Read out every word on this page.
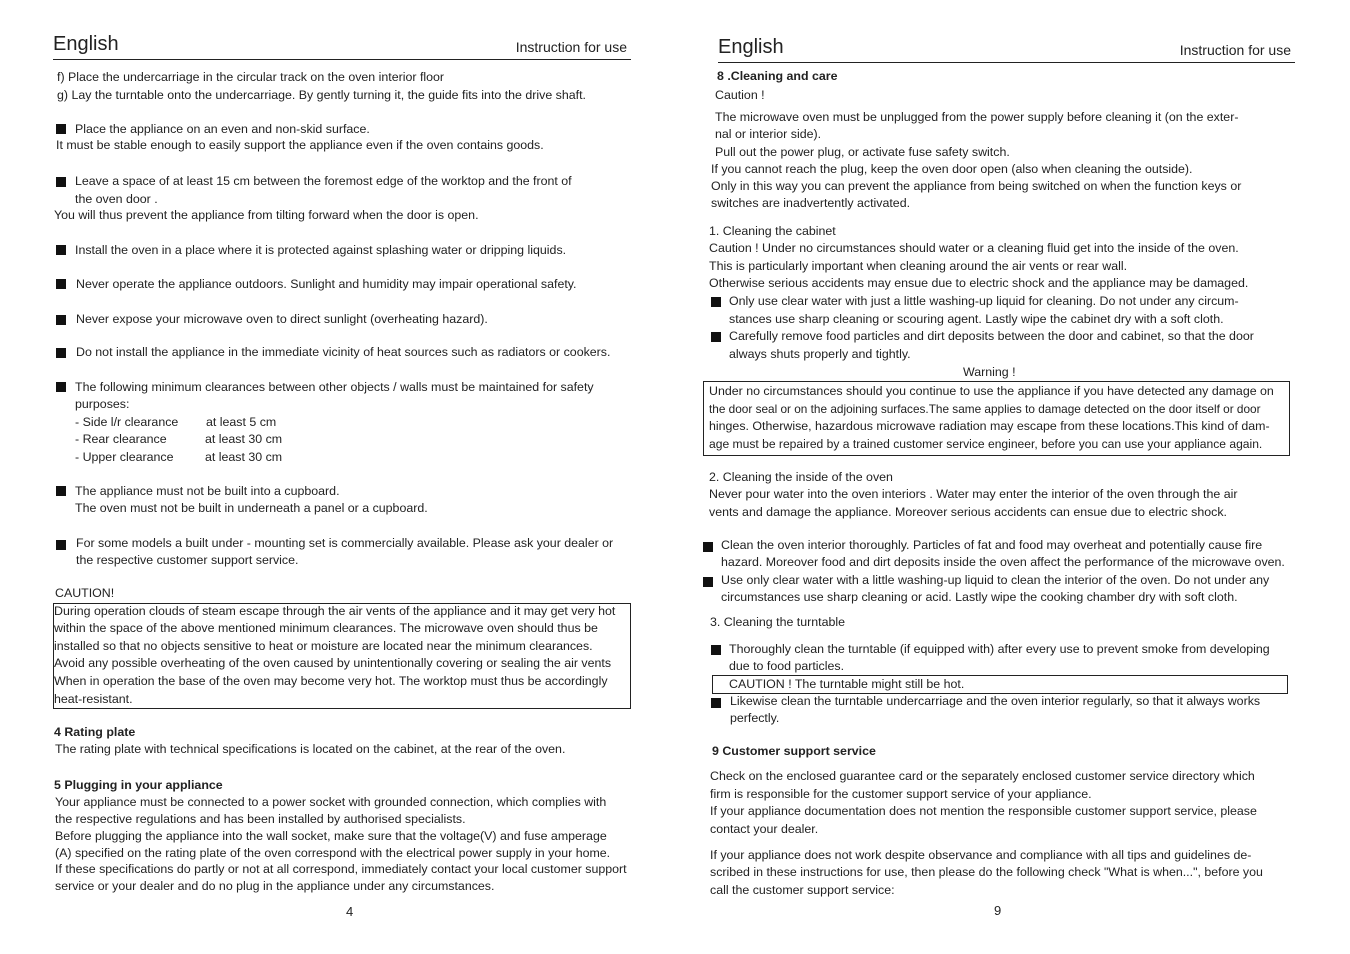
English	Instruction for use
f) Place the undercarriage in the circular track on the oven interior floor
g) Lay the turntable onto the undercarriage. By gently turning it, the guide fits into the drive shaft.
Place the appliance on an even and non-skid surface.
It must be stable enough to easily support the appliance even if the oven contains goods.
Leave a space of at least 15 cm between the foremost edge of the worktop and the front of
the oven door .
You will thus prevent the appliance from tilting forward when the door is open.
Install the oven in a place where it is protected against splashing water or dripping liquids.
Never operate the appliance outdoors. Sunlight and humidity may impair operational safety.
Never expose your microwave oven to direct sunlight (overheating hazard).
Do not install the appliance in the immediate vicinity of heat sources such as radiators or cookers.
The following minimum clearances between other objects / walls must be maintained for safety
purposes:
- Side l/r clearance at least 5 cm
- Rear clearance	at least 30 cm
- Upper clearance	at least 30 cm
The appliance must not be built into a cupboard.
The oven must not be built in underneath a panel or a cupboard.
For some models a built under - mounting set is commercially available. Please ask your dealer or
the respective customer support service.
CAUTION!
During operation clouds of steam escape through the air vents of the appliance and it may get very hot
within the space of the above mentioned minimum clearances. The microwave oven should thus be
installed so that no objects sensitive to heat or moisture are located near the minimum clearances.
Avoid any possible overheating of the oven caused by unintentionally covering or sealing the air vents
When in operation the base of the oven may become very hot. The worktop must thus be accordingly
heat-resistant.
4 Rating plate
The rating plate with technical specifications is located on the cabinet, at the rear of the oven.
5 Plugging in your appliance
Your appliance must be connected to a power socket with grounded connection, which complies with
the respective regulations and has been installed by authorised specialists.
Before plugging the appliance into the wall socket, make sure that the voltage(V) and fuse amperage
(A) specified on the rating plate of the oven correspond with the electrical power supply in your home.
If these specifications do partly or not at all correspond, immediately contact your local customer support
service or your dealer and do no plug in the appliance under any circumstances.
4
English	Instruction for use
8 .Cleaning and care
Caution !
The microwave oven must be unplugged from the power supply before cleaning it (on the exter-
nal or interior side).
Pull out the power plug, or activate fuse safety switch.
If you cannot reach the plug, keep the oven door open (also when cleaning the outside).
Only in this way you can prevent the appliance from being switched on when the function keys or
switches are inadvertently activated.
1. Cleaning the cabinet
Caution ! Under no circumstances should water or a cleaning fluid get into the inside of the oven.
This is particularly important when cleaning around the air vents or rear wall.
Otherwise serious accidents may ensue due to electric shock and the appliance may be damaged.
Only use clear water with just a little washing-up liquid for cleaning. Do not under any circum-
stances use sharp cleaning or scouring agent. Lastly wipe the cabinet dry with a soft cloth.
Carefully remove food particles and dirt deposits between the door and cabinet, so that the door
always shuts properly and tightly.
Warning !
Under no circumstances should you continue to use the appliance if you have detected any damage on
the door seal or on the adjoining surfaces.The same applies to damage detected on the door itself or door
hinges. Otherwise, hazardous microwave radiation may escape from these locations.This kind of dam-
age must be repaired by a trained customer service engineer, before you can use your appliance again.
2. Cleaning the inside of the oven
Never pour water into the oven interiors . Water may enter the interior of the oven through the air
vents and damage the appliance. Moreover serious accidents can ensue due to electric shock.
Clean the oven interior thoroughly. Particles of fat and food may overheat and potentially cause fire
hazard. Moreover food and dirt deposits inside the oven affect the performance of the microwave oven.
Use only clear water with a little washing-up liquid to clean the interior of the oven. Do not under any
circumstances use sharp cleaning or acid. Lastly wipe the cooking chamber dry with soft cloth.
3. Cleaning the turntable
Thoroughly clean the turntable (if equipped with) after every use to prevent smoke from developing
due to food particles.
CAUTION ! The turntable might still be hot.
Likewise clean the turntable undercarriage and the oven interior regularly, so that it always works
perfectly.
9 Customer support service
Check on the enclosed guarantee card or the separately enclosed customer service directory which
firm is responsible for the customer support service of your appliance.
If your appliance documentation does not mention the responsible customer support service, please
contact your dealer.
If your appliance does not work despite observance and compliance with all tips and guidelines de-
scribed in these instructions for use, then please do the following check "What is when...", before you
call the customer support service:
9
